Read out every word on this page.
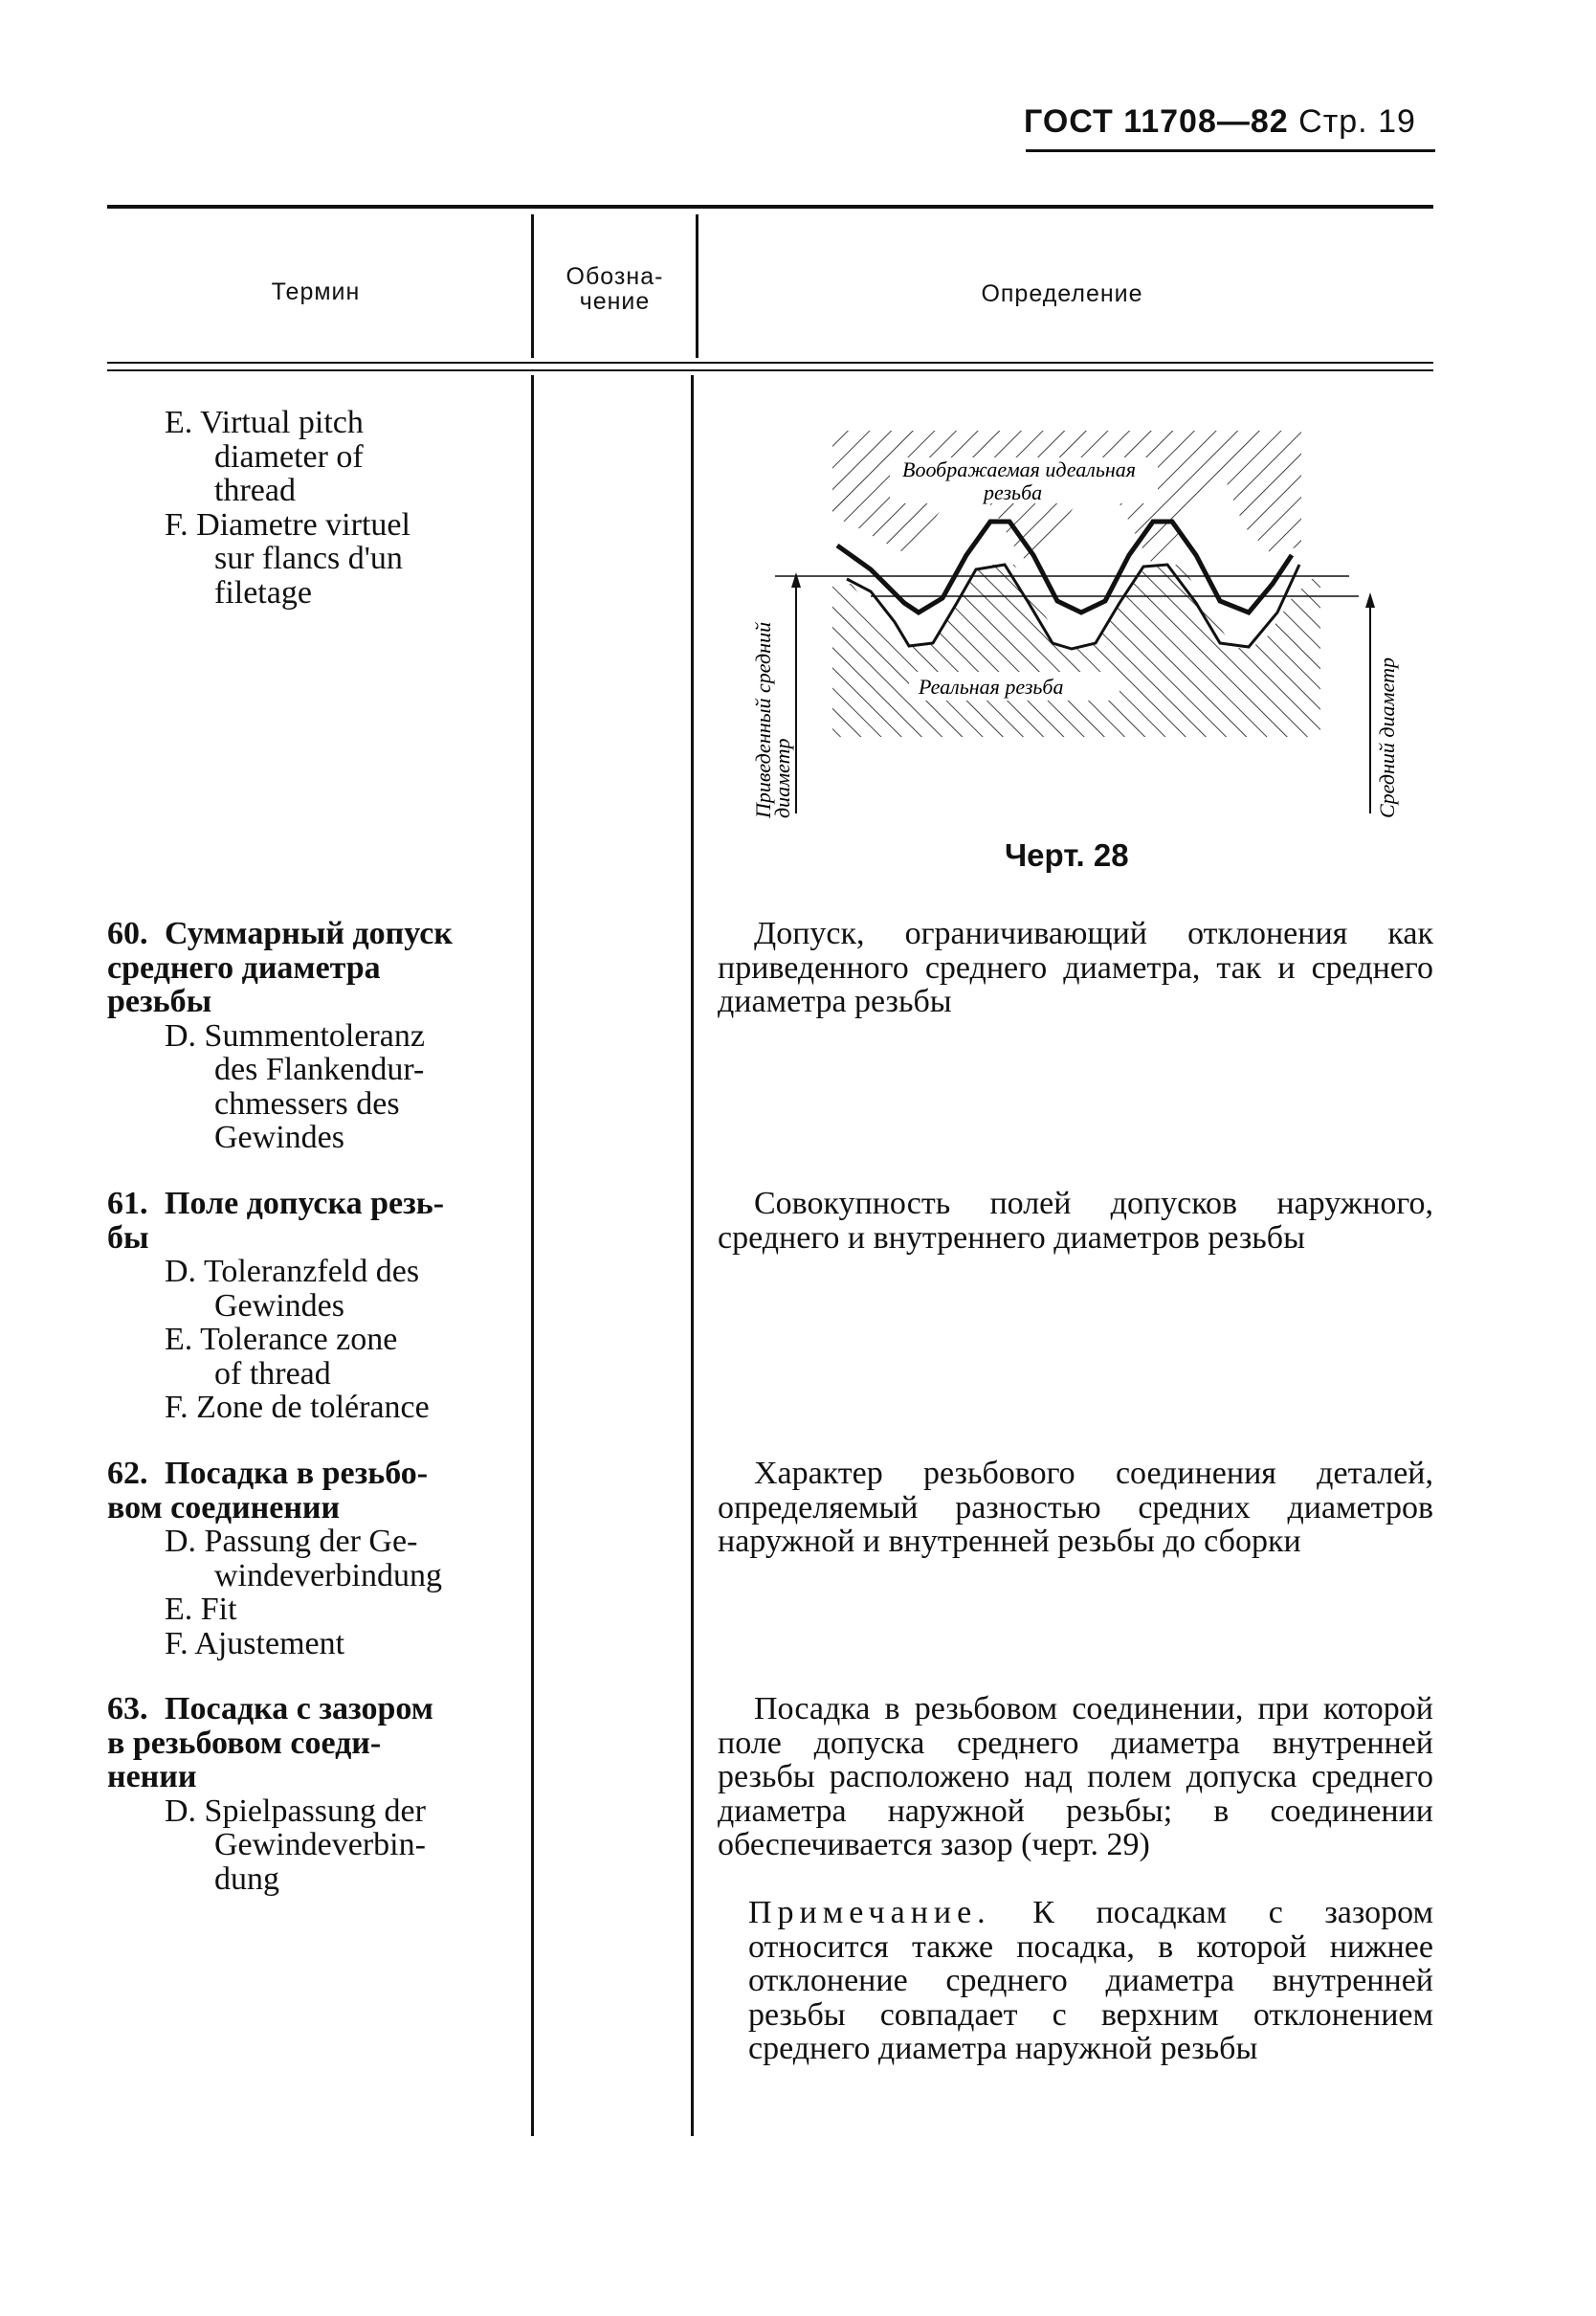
ГОСТ 11708—82 Стр. 19
Термин
Обозна-
чение	Определение
E. Virtual pitch
diameter of
thread
F. Diametre virtuel
sur flancs d'un
filetage
Воображаемая идеальная
резьба
Реальная резьба
Приведенный средний
диаметр	Средний диаметр
Черт. 28
60. Суммарный допуск
среднего диаметра
резьбы
D. Summentoleranz
des Flankendur-
chmessers des
Gewindes
Допуск, ограничивающий отклонения как приведенного среднего диаметра, так и среднего диаметра резьбы
61. Поле допуска резь-
бы
D. Toleranzfeld des
Gewindes
E. Tolerance zone
of thread
F. Zone de tolérance
Совокупность полей допусков наружного, среднего и внутреннего диаметров резьбы
62. Посадка в резьбо-
вом соединении
D. Passung der Ge-
windeverbindung
E. Fit
F. Ajustement
Характер резьбового соединения деталей, определяемый разностью средних диаметров наружной и внутренней резьбы до сборки
63. Посадка с зазором
в резьбовом соеди-
нении
D. Spielpassung der
Gewindeverbin-
dung
Посадка в резьбовом соединении, при которой поле допуска среднего диаметра внутренней резьбы расположено над полем допуска среднего диаметра наружной резьбы; в соединении обеспечивается зазор (черт. 29)
Примечание. К посадкам с зазором относится также посадка, в которой нижнее отклонение среднего диаметра внутренней резьбы совпадает с верхним отклонением среднего диаметра наружной резьбы
